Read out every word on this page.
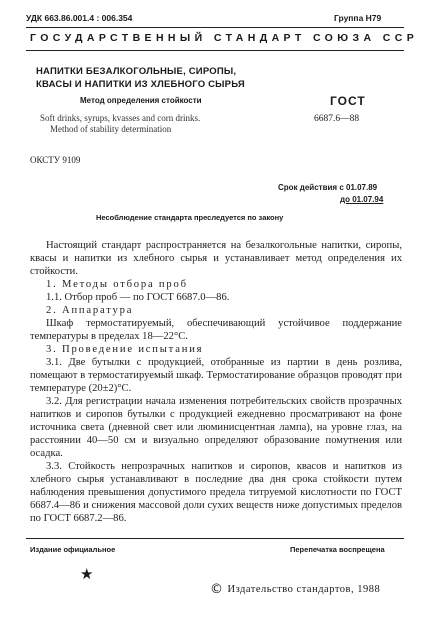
УДК 663.86.001.4 : 006.354	Группа Н79
ГОСУДАРСТВЕННЫЙ СТАНДАРТ СОЮЗА ССР
НАПИТКИ БЕЗАЛКОГОЛЬНЫЕ, СИРОПЫ,
КВАСЫ И НАПИТКИ ИЗ ХЛЕБНОГО СЫРЬЯ
Метод определения стойкости
Soft drinks, syrups, kvasses and corn drinks.
Method of stability determination
ГОСТ
6687.6—88
ОКСТУ 9109
Срок действия с 01.07.89
до 01.07.94
Несоблюдение стандарта преследуется по закону

Настоящий стандарт распространяется на безалкогольные напитки, сиропы, квасы и напитки из хлебного сырья и устанавливает метод определения их стойкости.

1. Методы отбора проб

1.1. Отбор проб — по ГОСТ 6687.0—86.

2. Аппаратура

Шкаф термостатируемый, обеспечивающий устойчивое поддержание температуры в пределах 18—22°С.

3. Проведение испытания

3.1. Две бутылки с продукцией, отобранные из партии в день розлива, помещают в термостатируемый шкаф. Термостатирование образцов проводят при температуре (20±2)°С.

3.2. Для регистрации начала изменения потребительских свойств прозрачных напитков и сиропов бутылки с продукцией ежедневно просматривают на фоне источника света (дневной свет или люминисцентная лампа), на уровне глаз, на расстоянии 40—50 см и визуально определяют образование помутнения или осадка.

3.3. Стойкость непрозрачных напитков и сиропов, квасов и напитков из хлебного сырья устанавливают в последние два дня срока стойкости путем наблюдения превышения допустимого предела титруемой кислотности по ГОСТ 6687.4—86 и снижения массовой доли сухих веществ ниже допустимых пределов по ГОСТ 6687.2—86.

Издание официальное	Перепечатка воспрещена
★
© Издательство стандартов, 1988
